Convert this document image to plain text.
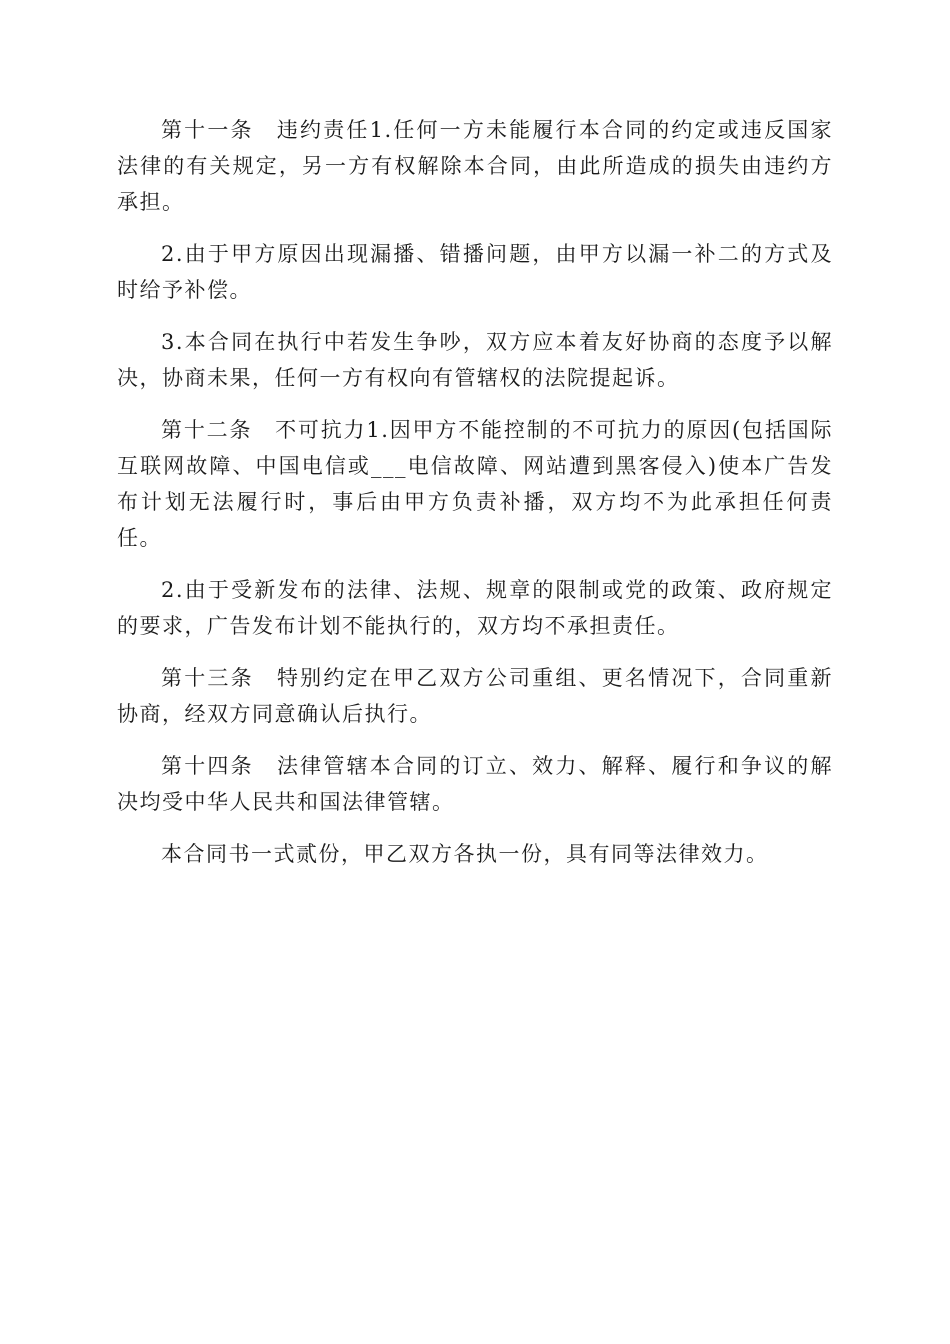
第十一条　违约责任1.任何一方未能履行本合同的约定或违反国家法律的有关规定，另一方有权解除本合同，由此所造成的损失由违约方承担。

2.由于甲方原因出现漏播、错播问题，由甲方以漏一补二的方式及时给予补偿。

3.本合同在执行中若发生争吵，双方应本着友好协商的态度予以解决，协商未果，任何一方有权向有管辖权的法院提起诉。

第十二条　不可抗力1.因甲方不能控制的不可抗力的原因(包括国际互联网故障、中国电信或___电信故障、网站遭到黑客侵入)使本广告发布计划无法履行时，事后由甲方负责补播，双方均不为此承担任何责任。

2.由于受新发布的法律、法规、规章的限制或党的政策、政府规定的要求，广告发布计划不能执行的，双方均不承担责任。

第十三条　特别约定在甲乙双方公司重组、更名情况下，合同重新协商，经双方同意确认后执行。

第十四条　法律管辖本合同的订立、效力、解释、履行和争议的解决均受中华人民共和国法律管辖。

本合同书一式贰份，甲乙双方各执一份，具有同等法律效力。
